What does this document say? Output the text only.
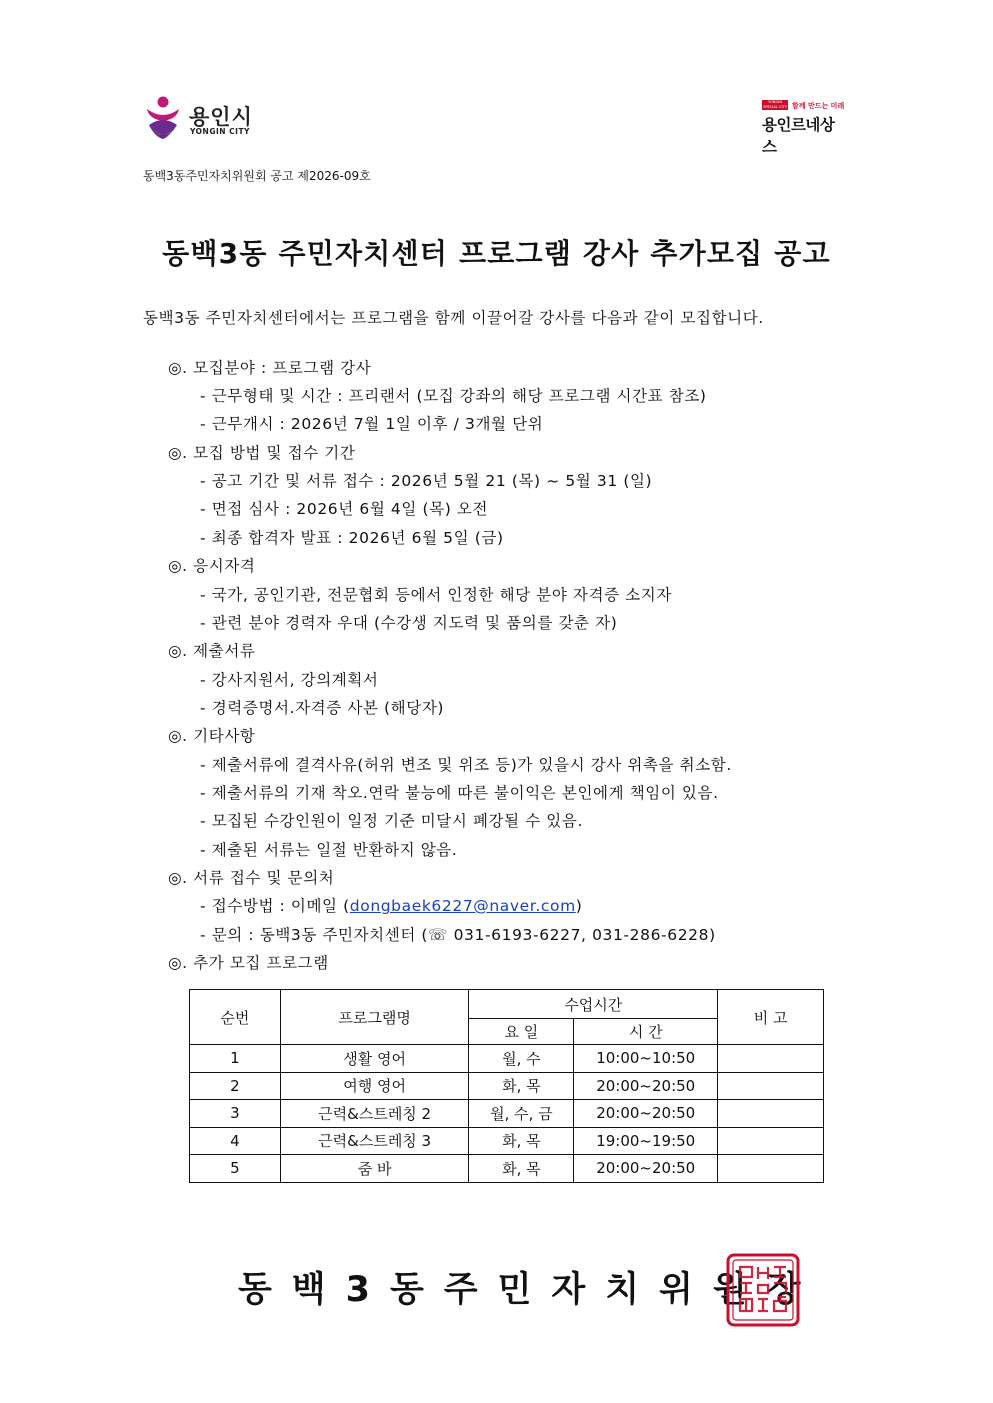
용인시
YONGIN CITY
YONGIN SPECIAL CITY 함께 만드는 미래
용인르네상스
동백3동주민자치위원회 공고 제2026-09호
동백3동 주민자치센터 프로그램 강사 추가모집 공고
동백3동 주민자치센터에서는 프로그램을 함께 이끌어갈 강사를 다음과 같이 모집합니다.
◎. 모집분야 : 프로그램 강사
- 근무형태 및 시간 : 프리랜서 (모집 강좌의 해당 프로그램 시간표 참조)
- 근무개시 : 2026년 7월 1일 이후 / 3개월 단위
◎. 모집 방법 및 접수 기간
- 공고 기간 및 서류 접수 : 2026년 5월 21 (목) ~ 5월 31 (일)
- 면접 심사 : 2026년 6월 4일 (목) 오전
- 최종 합격자 발표 : 2026년 6월 5일 (금)
◎. 응시자격
- 국가, 공인기관, 전문협회 등에서 인정한 해당 분야 자격증 소지자
- 관련 분야 경력자 우대 (수강생 지도력 및 품의를 갖춘 자)
◎. 제출서류
- 강사지원서, 강의계획서
- 경력증명서.자격증 사본 (해당자)
◎. 기타사항
- 제출서류에 결격사유(허위 변조 및 위조 등)가 있을시 강사 위촉을 취소함.
- 제출서류의 기재 착오.연락 불능에 따른 불이익은 본인에게 책임이 있음.
- 모집된 수강인원이 일정 기준 미달시 폐강될 수 있음.
- 제출된 서류는 일절 반환하지 않음.
◎. 서류 접수 및 문의처
- 접수방법 : 이메일 (dongbaek6227@naver.com)
- 문의 : 동백3동 주민자치센터 (☏ 031-6193-6227, 031-286-6228)
◎. 추가 모집 프로그램
순번	프로그램명	수업시간		비 고
		요 일	시 간	
1	생활 영어	월, 수	10:00~10:50	
2	여행 영어	화, 목	20:00~20:50	
3	근력&스트레칭 2	월, 수, 금	20:00~20:50	
4	근력&스트레칭 3	화, 목	19:00~19:50	
5	줌 바	화, 목	20:00~20:50	
동백3동주민자치위원장
